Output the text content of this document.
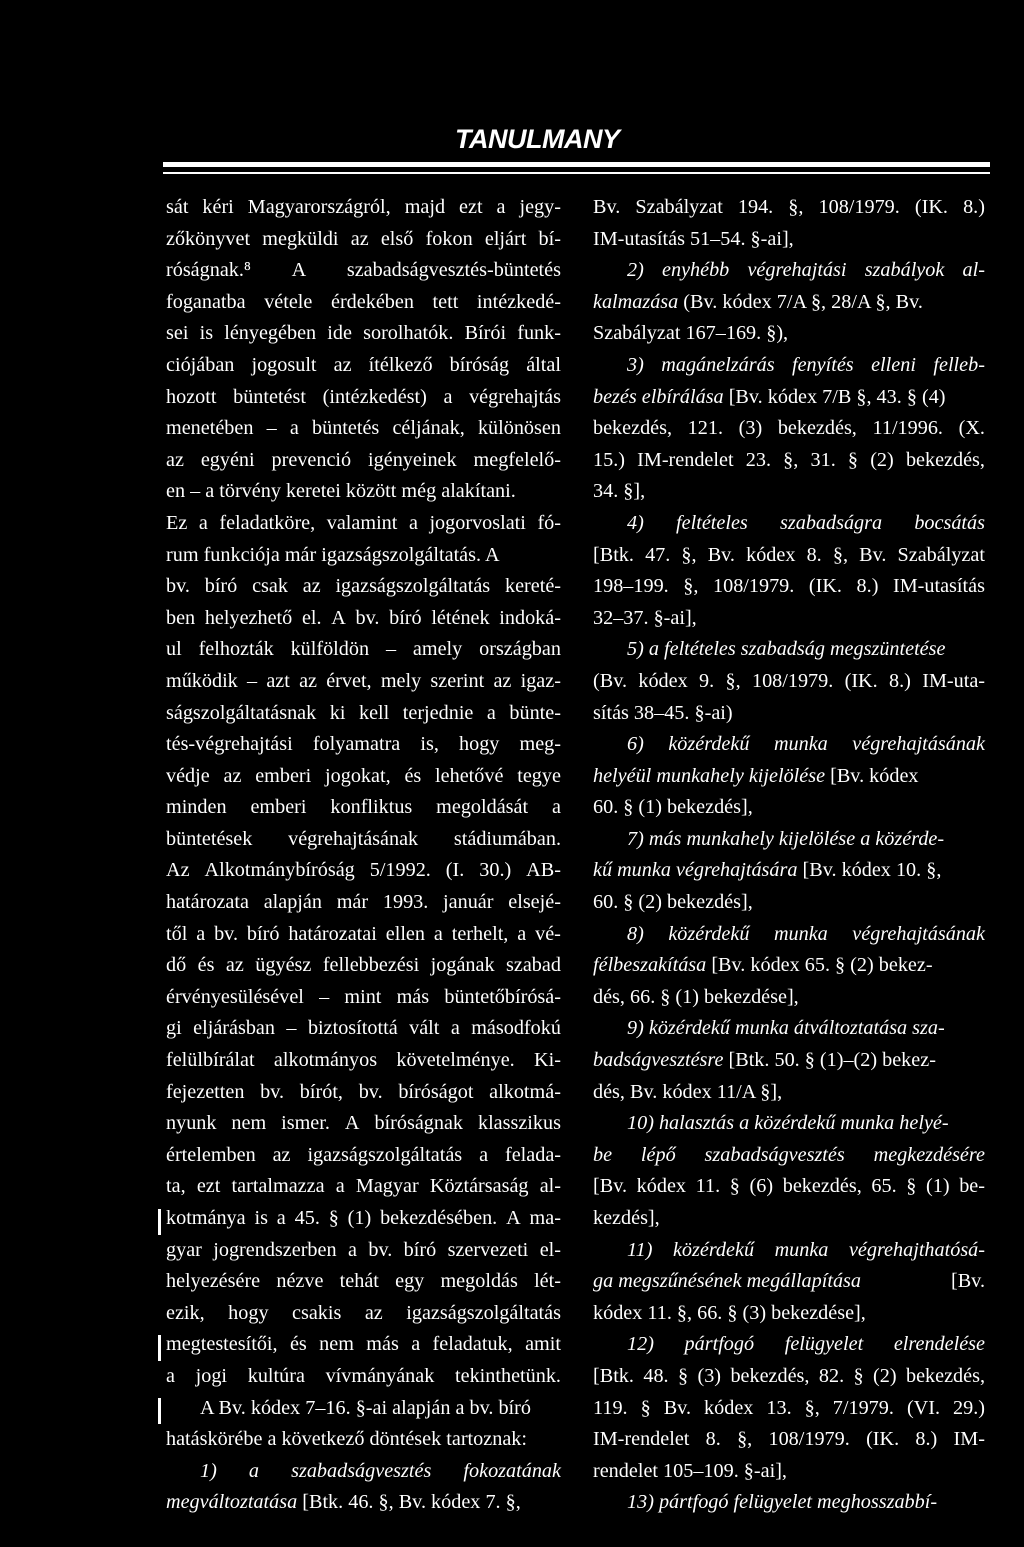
TANULMANY
sát kéri Magyarországról, majd ezt a jegy-
zőkönyvet megküldi az első fokon eljárt bí-
róságnak.⁸ A szabadságvesztés-büntetés
foganatba vétele érdekében tett intézkedé-
sei is lényegében ide sorolhatók. Bírói funk-
ciójában jogosult az ítélkező bíróság által
hozott büntetést (intézkedést) a végrehajtás
menetében – a büntetés céljának, különösen
az egyéni prevenció igényeinek megfelelő-
en – a törvény keretei között még alakítani.
Ez a feladatköre, valamint a jogorvoslati fó-
rum funkciója már igazságszolgáltatás. A
bv. bíró csak az igazságszolgáltatás kereté-
ben helyezhető el. A bv. bíró létének indoká-
ul felhozták külföldön – amely országban
működik – azt az érvet, mely szerint az igaz-
ságszolgáltatásnak ki kell terjednie a bünte-
tés-végrehajtási folyamatra is, hogy meg-
védje az emberi jogokat, és lehetővé tegye
minden emberi konfliktus megoldását a
büntetések végrehajtásának stádiumában.
Az Alkotmánybíróság 5/1992. (I. 30.) AB-
határozata alapján már 1993. január elsejé-
től a bv. bíró határozatai ellen a terhelt, a vé-
dő és az ügyész fellebbezési jogának szabad
érvényesülésével – mint más büntetőbírósá-
gi eljárásban – biztosítottá vált a másodfokú
felülbírálat alkotmányos követelménye. Ki-
fejezetten bv. bírót, bv. bíróságot alkotmá-
nyunk nem ismer. A bíróságnak klasszikus
értelemben az igazságszolgáltatás a felada-
ta, ezt tartalmazza a Magyar Köztársaság al-
kotmánya is a 45. § (1) bekezdésében. A ma-
gyar jogrendszerben a bv. bíró szervezeti el-
helyezésére nézve tehát egy megoldás lét-
ezik, hogy csakis az igazságszolgáltatás
megtestesítői, és nem más a feladatuk, amit
a jogi kultúra vívmányának tekinthetünk.
A Bv. kódex 7–16. §-ai alapján a bv. bíró
hatáskörébe a következő döntések tartoznak:
1) a szabadságvesztés fokozatának
megváltoztatása [Btk. 46. §, Bv. kódex 7. §,
Bv. Szabályzat 194. §, 108/1979. (IK. 8.)
IM-utasítás 51–54. §-ai],
2) enyhébb végrehajtási szabályok al-
kalmazása (Bv. kódex 7/A §, 28/A §, Bv.
Szabályzat 167–169. §),
3) magánelzárás fenyítés elleni felleb-
bezés elbírálása [Bv. kódex 7/B §, 43. § (4)
bekezdés, 121. (3) bekezdés, 11/1996. (X.
15.) IM-rendelet 23. §, 31. § (2) bekezdés,
34. §],
4) feltételes szabadságra bocsátás
[Btk. 47. §, Bv. kódex 8. §, Bv. Szabályzat
198–199. §, 108/1979. (IK. 8.) IM-utasítás
32–37. §-ai],
5) a feltételes szabadság megszüntetése
(Bv. kódex 9. §, 108/1979. (IK. 8.) IM-uta-
sítás 38–45. §-ai)
6) közérdekű munka végrehajtásának
helyéül munkahely kijelölése [Bv. kódex
60. § (1) bekezdés],
7) más munkahely kijelölése a közérde-
kű munka végrehajtására [Bv. kódex 10. §,
60. § (2) bekezdés],
8) közérdekű munka végrehajtásának
félbeszakítása [Bv. kódex 65. § (2) bekez-
dés, 66. § (1) bekezdése],
9) közérdekű munka átváltoztatása sza-
badságvesztésre [Btk. 50. § (1)–(2) bekez-
dés, Bv. kódex 11/A §],
10) halasztás a közérdekű munka helyé-
be lépő szabadságvesztés megkezdésére
[Bv. kódex 11. § (6) bekezdés, 65. § (1) be-
kezdés],
11) közérdekű munka végrehajthatósá-
ga megszűnésének megállapítása	[Bv.
kódex 11. §, 66. § (3) bekezdése],
12) pártfogó felügyelet elrendelése
[Btk. 48. § (3) bekezdés, 82. § (2) bekezdés,
119. § Bv. kódex 13. §, 7/1979. (VI. 29.)
IM-rendelet 8. §, 108/1979. (IK. 8.) IM-
rendelet 105–109. §-ai],
13) pártfogó felügyelet meghosszabbí-
